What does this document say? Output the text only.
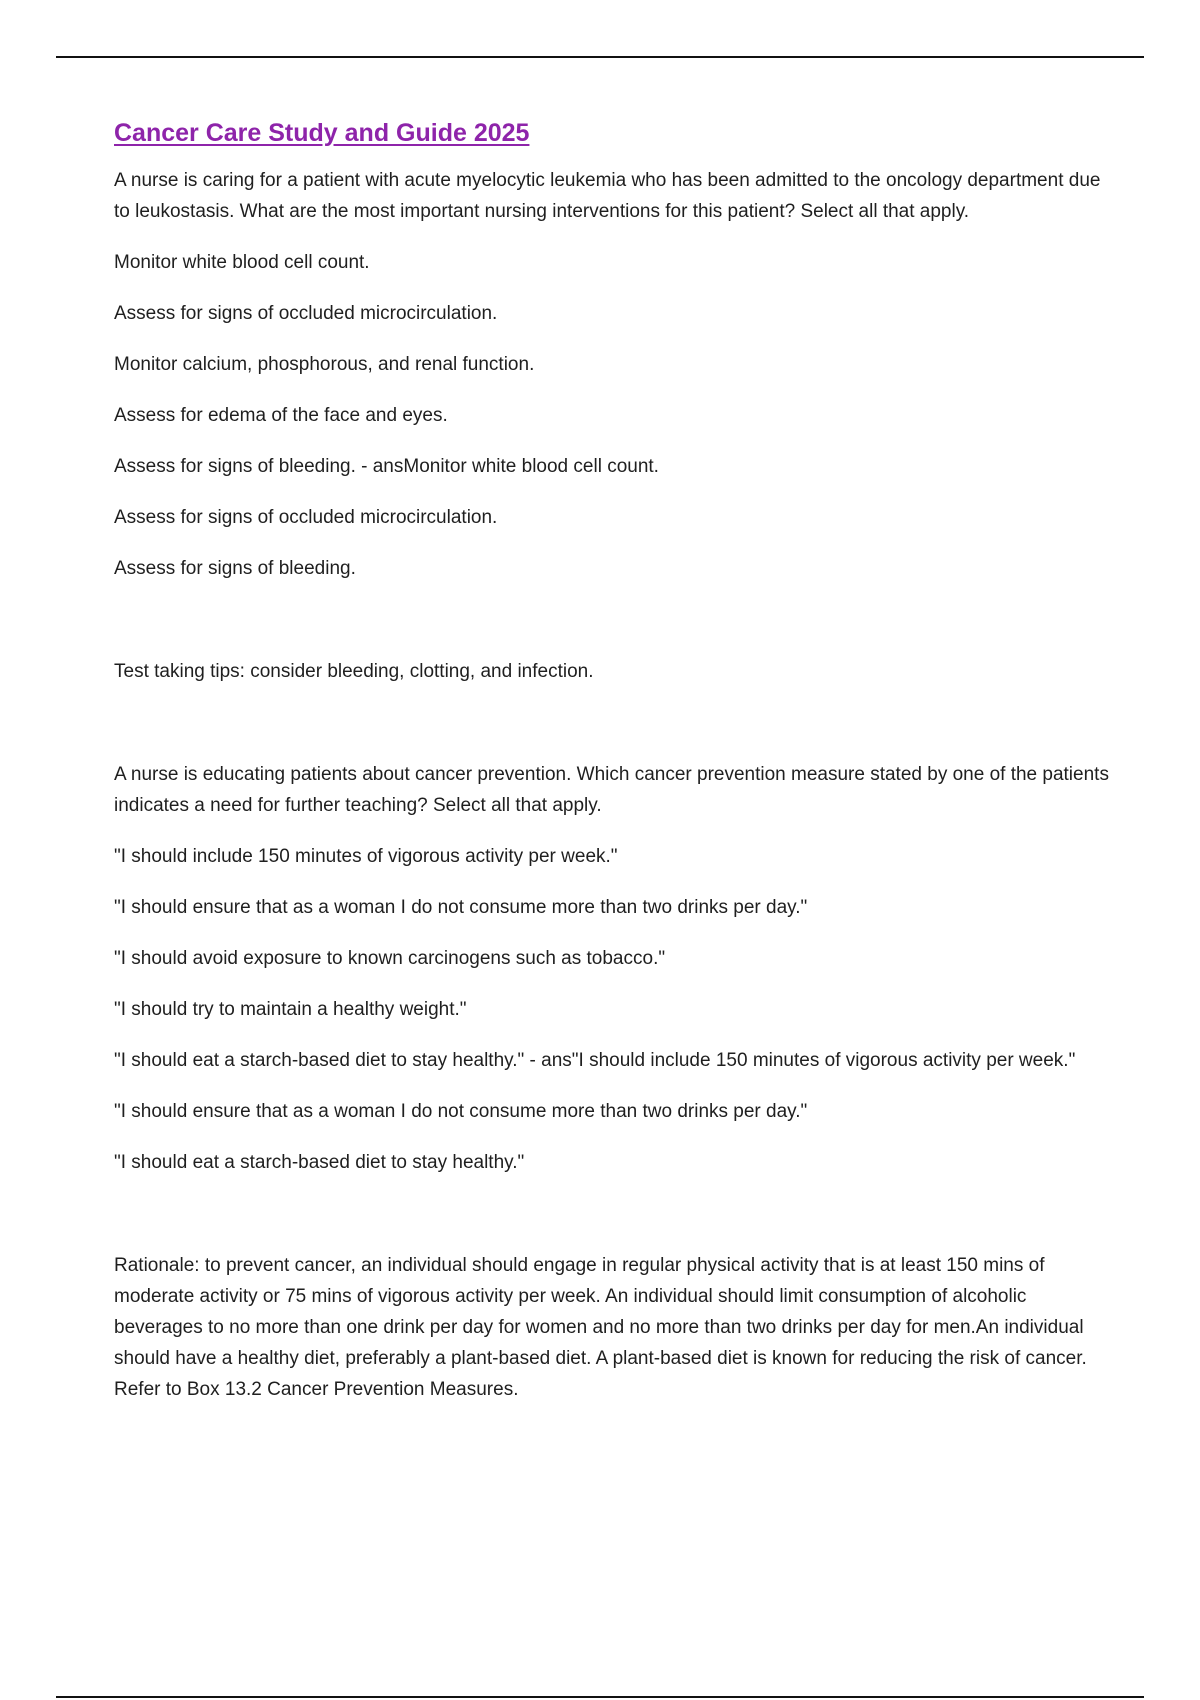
Cancer Care Study and Guide 2025

A nurse is caring for a patient with acute myelocytic leukemia who has been admitted to the oncology department due to leukostasis. What are the most important nursing interventions for this patient? Select all that apply.

Monitor white blood cell count.

Assess for signs of occluded microcirculation.

Monitor calcium, phosphorous, and renal function.

Assess for edema of the face and eyes.

Assess for signs of bleeding. - ansMonitor white blood cell count.

Assess for signs of occluded microcirculation.

Assess for signs of bleeding.

Test taking tips: consider bleeding, clotting, and infection.

A nurse is educating patients about cancer prevention. Which cancer prevention measure stated by one of the patients indicates a need for further teaching? Select all that apply.

"I should include 150 minutes of vigorous activity per week."

"I should ensure that as a woman I do not consume more than two drinks per day."

"I should avoid exposure to known carcinogens such as tobacco."

"I should try to maintain a healthy weight."

"I should eat a starch-based diet to stay healthy." - ans"I should include 150 minutes of vigorous activity per week."

"I should ensure that as a woman I do not consume more than two drinks per day."

"I should eat a starch-based diet to stay healthy."

Rationale: to prevent cancer, an individual should engage in regular physical activity that is at least 150 mins of moderate activity or 75 mins of vigorous activity per week. An individual should limit consumption of alcoholic beverages to no more than one drink per day for women and no more than two drinks per day for men.An individual should have a healthy diet, preferably a plant-based diet. A plant-based diet is known for reducing the risk of cancer. Refer to Box 13.2 Cancer Prevention Measures.
